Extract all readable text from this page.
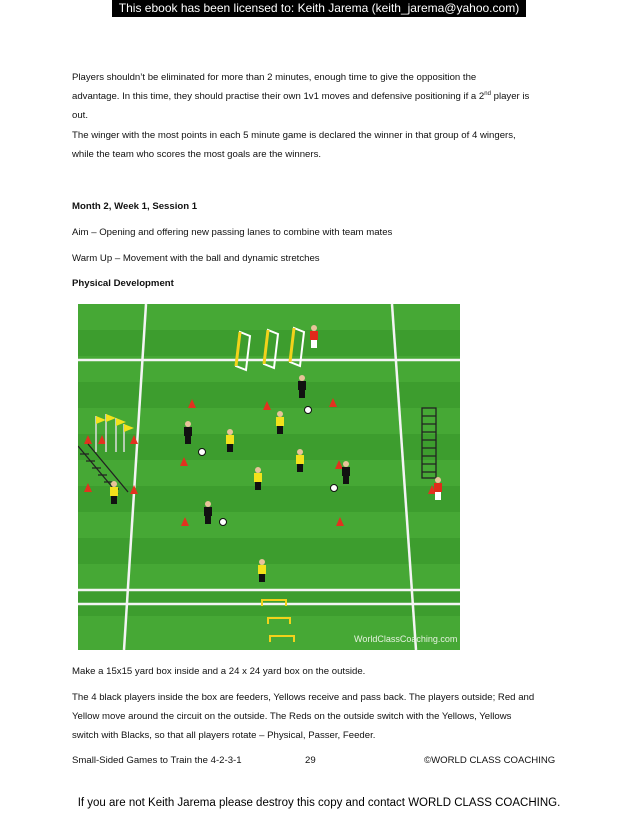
This ebook has been licensed to: Keith Jarema (keith_jarema@yahoo.com)

Players shouldn’t be eliminated for more than 2 minutes, enough time to give the opposition the
advantage. In this time, they should practise their own 1v1 moves and defensive positioning if a 2nd player is
out.

The winger with the most points in each 5 minute game is declared the winner in that group of 4 wingers,
while the team who scores the most goals are the winners.

Month 2, Week 1, Session 1

Aim – Opening and offering new passing lanes to combine with team mates

Warm Up – Movement with the ball and dynamic stretches

Physical Development

WorldClassCoaching.com

Make a 15x15 yard box inside and a 24 x 24 yard box on the outside.

The 4 black players inside the box are feeders, Yellows receive and pass back. The players outside; Red and
Yellow move around the circuit on the outside. The Reds on the outside switch with the Yellows, Yellows
switch with Blacks, so that all players rotate – Physical, Passer, Feeder.

Small-Sided Games to Train the 4-2-3-1	29	©WORLD CLASS COACHING
If you are not Keith Jarema please destroy this copy and contact WORLD CLASS COACHING.
